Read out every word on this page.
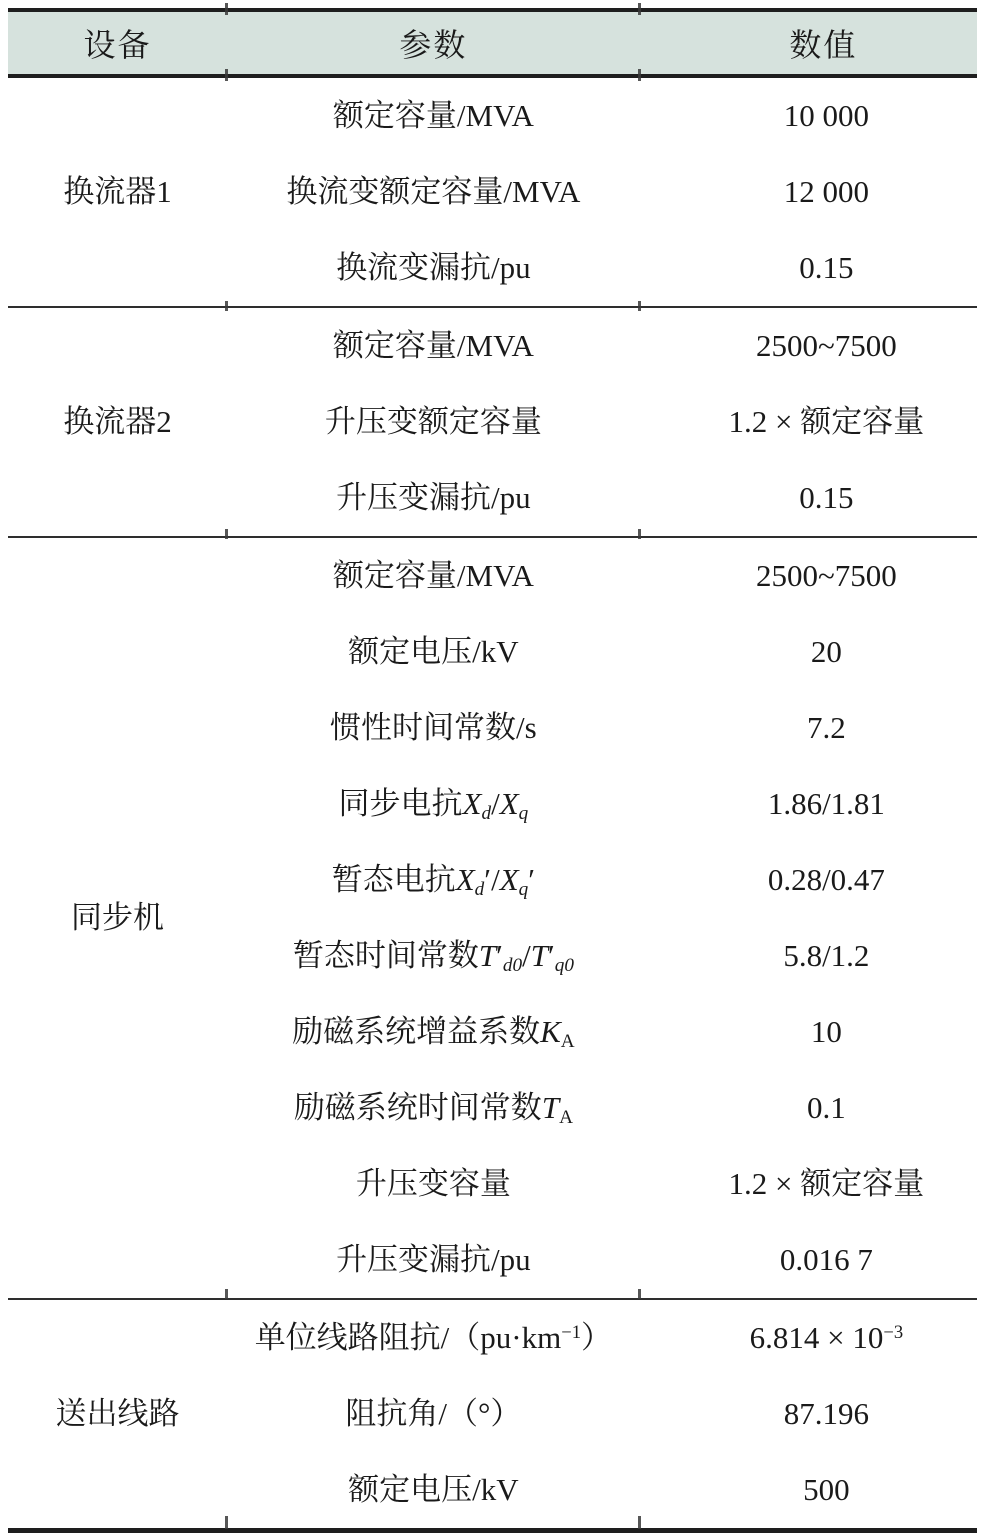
设备	参数	数值
换流器1	额定容量/MVA	10 000
	换流变额定容量/MVA	12 000
	换流变漏抗/pu	0.15
换流器2	额定容量/MVA	2500~7500
	升压变额定容量	1.2 × 额定容量
	升压变漏抗/pu	0.15
同步机	额定容量/MVA	2500~7500
	额定电压/kV	20
	惯性时间常数/s	7.2
	同步电抗$X_d/X_q$	1.86/1.81
	暂态电抗$X_d'/X_q'$	0.28/0.47
	暂态时间常数$T'_{d0}/T'_{q0}$	5.8/1.2
	励磁系统增益系数$K_A$	10
	励磁系统时间常数$T_A$	0.1
	升压变容量	1.2 × 额定容量
	升压变漏抗/pu	0.016 7
送出线路	单位线路阻抗$/(pu\cdot km^{-1})$	$6.814 \times 10^{-3}$
	阻抗角/（°）	87.196
	额定电压/kV	500
